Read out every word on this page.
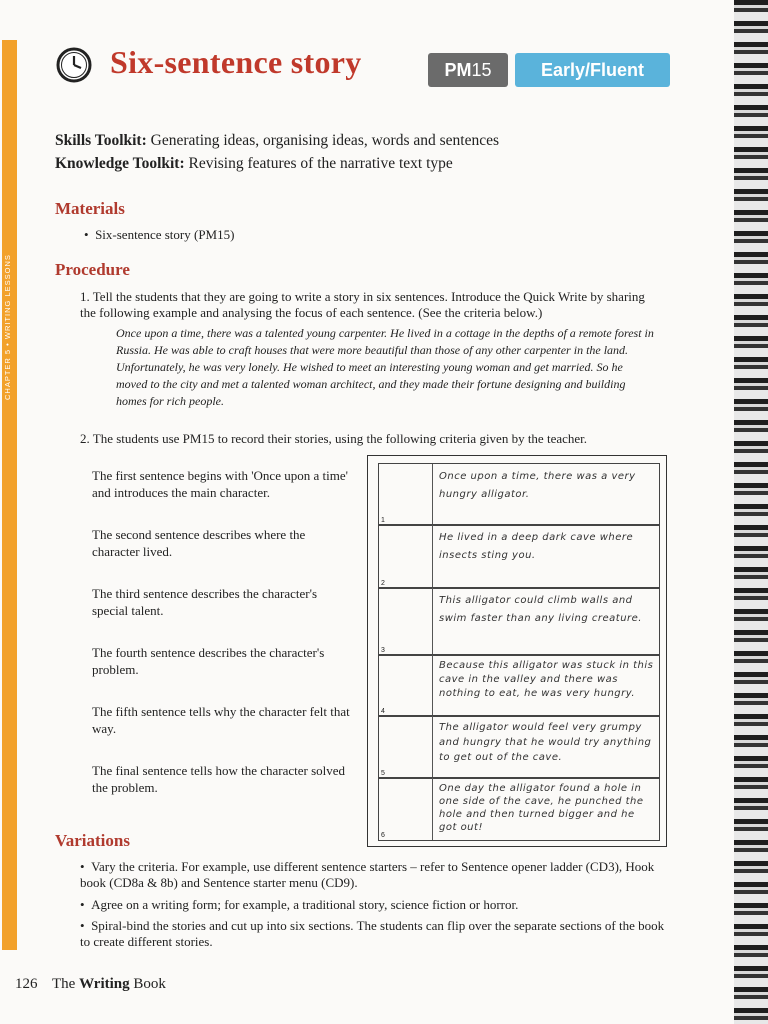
CHAPTER 5 • WRITING LESSONS
Six-sentence story	PM15	Early/Fluent
Skills Toolkit: Generating ideas, organising ideas, words and sentences
Knowledge Toolkit: Revising features of the narrative text type
Materials
•  Six-sentence story (PM15)
Procedure
1. Tell the students that they are going to write a story in six sentences. Introduce the Quick Write by sharing the following example and analysing the focus of each sentence. (See the criteria below.)
Once upon a time, there was a talented young carpenter. He lived in a cottage in the depths of a remote forest in Russia. He was able to craft houses that were more beautiful than those of any other carpenter in the land. Unfortunately, he was very lonely. He wished to meet an interesting young woman and get married. So he moved to the city and met a talented woman architect, and they made their fortune designing and building homes for rich people.
2. The students use PM15 to record their stories, using the following criteria given by the teacher.
The first sentence begins with 'Once upon a time' and introduces the main character.
The second sentence describes where the character lived.
The third sentence describes the character's special talent.
The fourth sentence describes the character's problem.
The fifth sentence tells why the character felt that way.
The final sentence tells how the character solved the problem.
1
Once upon a time, there was a very hungry alligator.
2
He lived in a deep dark cave where insects sting you.
3
This alligator could climb walls and swim faster than any living creature.
4
Because this alligator was stuck in this cave in the valley and there was nothing to eat, he was very hungry.
5
The alligator would feel very grumpy and hungry that he would try anything to get out of the cave.
6
One day the alligator found a hole in one side of the cave, he punched the hole and then turned bigger and he got out!
Variations
•  Vary the criteria. For example, use different sentence starters – refer to Sentence opener ladder (CD3), Hook book (CD8a & 8b) and Sentence starter menu (CD9).
•  Agree on a writing form; for example, a traditional story, science fiction or horror.
•  Spiral-bind the stories and cut up into six sections. The students can flip over the separate sections of the book to create different stories.
126 The Writing Book
